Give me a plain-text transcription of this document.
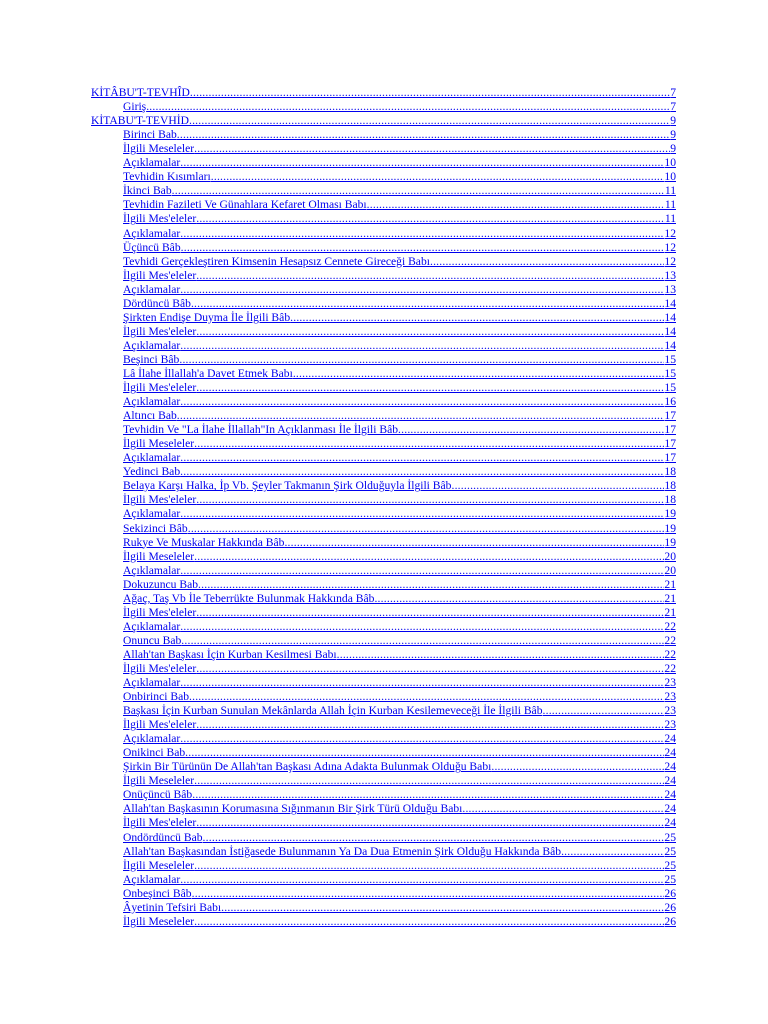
KİTÂBU'T-TEVHÎD .....	7
Giriş .....	7
KİTABU'T-TEVHİD .....	9
Birinci Bab .....	9
İlgili Meseleler .....	9
Açıklamalar .....	10
Tevhidin Kısımları .....	10
İkinci Bab .....	11
Tevhidin Fazileti Ve Günahlara Kefaret Olması Babı .....	11
İlgili Mes'eleler .....	11
Açıklamalar .....	12
Üçüncü Bâb .....	12
Tevhidi Gerçekleştiren Kimsenin Hesapsız Cennete Gireceği Babı .....	12
İlgili Mes'eleler .....	13
Açıklamalar .....	13
Dördüncü Bâb .....	14
Şirkten Endişe Duyma İle İlgili Bâb .....	14
İlgili Mes'eleler .....	14
Açıklamalar .....	14
Beşinci Bâb .....	15
Lâ İlahe İllallah'a Davet Etmek Babı .....	15
İlgili Mes'eleler .....	15
Açıklamalar .....	16
Altıncı Bab .....	17
Tevhidin Ve "La İlahe İllallah"In Açıklanması İle İlgili Bâb .....	17
İlgili Meseleler .....	17
Açıklamalar .....	17
Yedinci Bab .....	18
Belaya Karşı Halka, İp Vb. Şeyler Takmanın Şirk Olduğuyla İlgili Bâb .....	18
İlgili Mes'eleler .....	18
Açıklamalar .....	19
Sekizinci Bâb .....	19
Rukye Ve Muskalar Hakkında Bâb .....	19
İlgili Meseleler .....	20
Açıklamalar .....	20
Dokuzuncu Bab .....	21
Ağaç, Taş Vb İle Teberrükte Bulunmak Hakkında Bâb .....	21
İlgili Mes'eleler .....	21
Açıklamalar .....	22
Onuncu Bab .....	22
Allah'tan Başkası İçin Kurban Kesilmesi Babı .....	22
İlgili Mes'eleler .....	22
Açıklamalar .....	23
Onbirinci Bab .....	23
Başkası İçin Kurban Sunulan Mekânlarda Allah İçin Kurban Kesilemeveceği İle İlgili Bâb .....	23
İlgili Mes'eleler .....	23
Açıklamalar .....	24
Onikinci Bab .....	24
Şirkin Bir Türünün De Allah'tan Başkası Adına Adakta Bulunmak Olduğu Babı .....	24
İlgili Meseleler .....	24
Onüçüncü Bâb .....	24
Allah'tan Başkasının Korumasına Sığınmanın Bir Şirk Türü Olduğu Babı .....	24
İlgili Mes'eleler .....	24
Ondördüncü Bab .....	25
Allah'tan Başkasından İstiğasede Bulunmanın Ya Da Dua Etmenin Şirk Olduğu Hakkında Bâb .....	25
İlgili Meseleler .....	25
Açıklamalar .....	25
Onbeşinci Bâb .....	26
Âyetinin Tefsiri Babı .....	26
İlgili Meseleler .....	26
